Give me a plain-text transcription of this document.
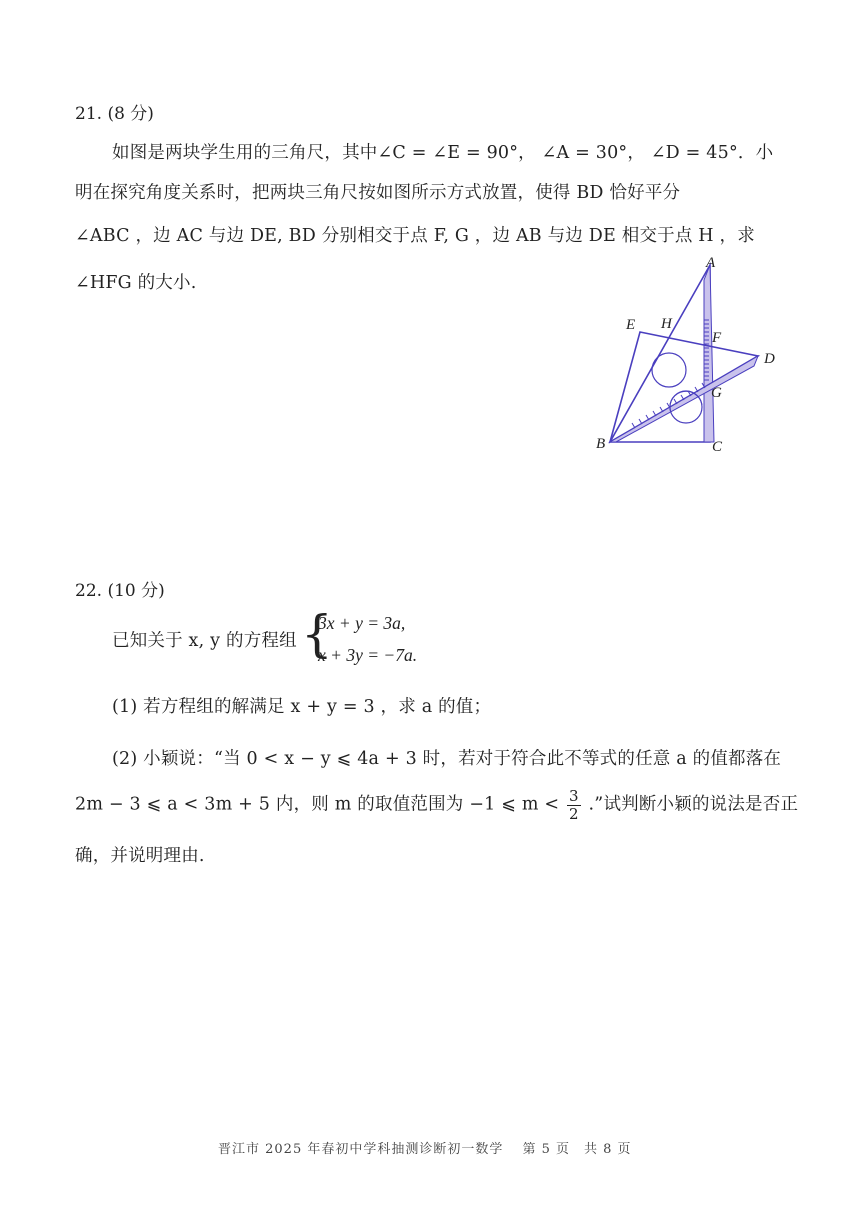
21. (8 分)
如图是两块学生用的三角尺，其中∠C = ∠E = 90°， ∠A = 30°， ∠D = 45°．小
明在探究角度关系时，把两块三角尺按如图所示方式放置，使得 BD 恰好平分
∠ABC ，边 AC 与边 DE, BD 分别相交于点 F, G ，边 AB 与边 DE 相交于点 H ，求
∠HFG 的大小.
A
B	C
D
E
F
G
H
22. (10 分)
已知关于 x, y 的方程组 {
3x + y = 3a,
x + 3y = −7a.
(1) 若方程组的解满足 x + y = 3 ，求 a 的值；
(2) 小颖说：“当 0 < x − y ⩽ 4a + 3 时，若对于符合此不等式的任意 a 的值都落在
2m − 3 ⩽ a < 3m + 5 内，则 m 的取值范围为 −1 ⩽ $m < \frac{3}{2}$ .”试判断小颖的说法是否正
确，并说明理由.
晋江市 2025 年春初中学科抽测诊断初一数学　 第 5 页　共 8 页
